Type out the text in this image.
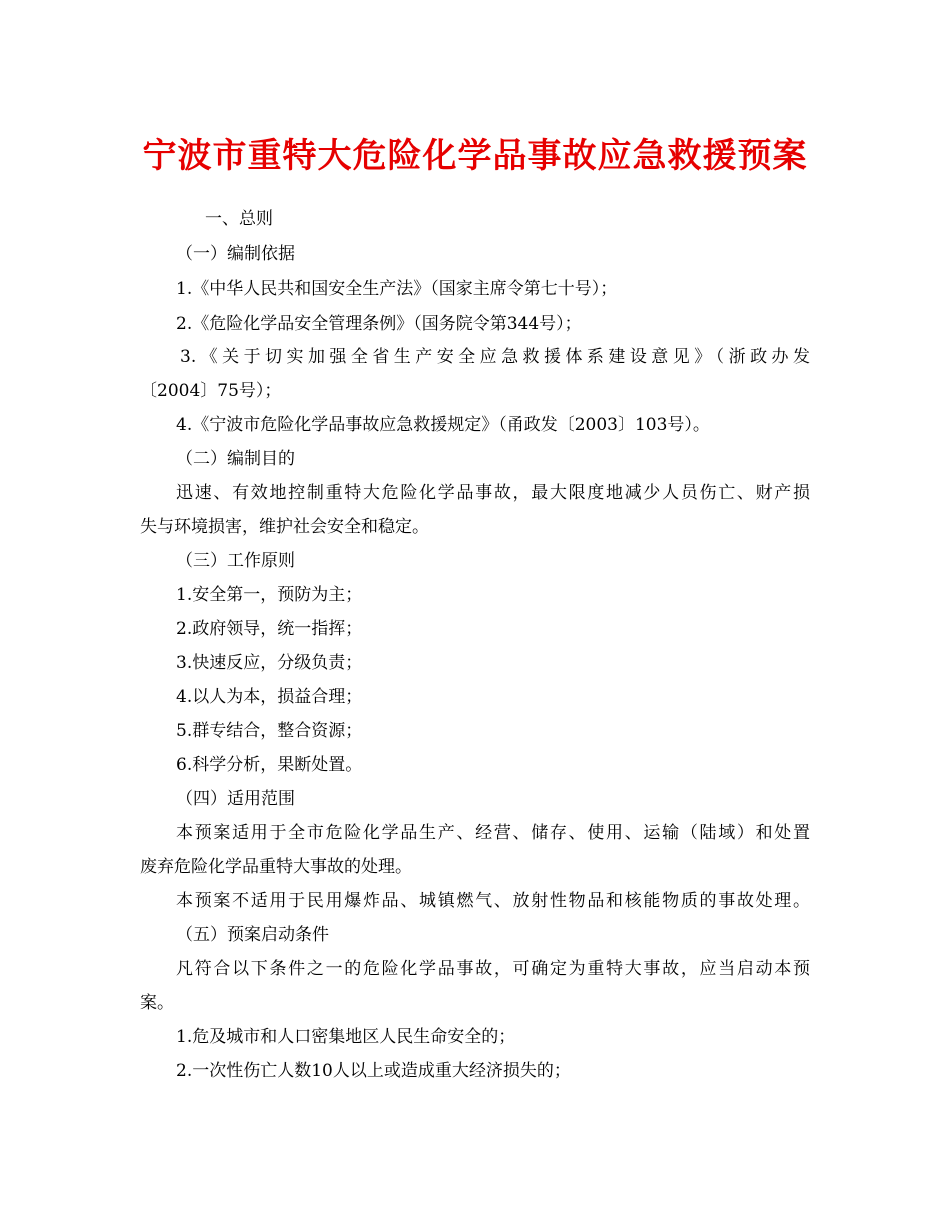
宁波市重特大危险化学品事故应急救援预案
一、总则
（一）编制依据
1.《中华人民共和国安全生产法》（国家主席令第七十号）；
2.《危险化学品安全管理条例》（国务院令第344号）；
3.《关于切实加强全省生产安全应急救援体系建设意见》（浙政办发
〔2004〕75号）；
4.《宁波市危险化学品事故应急救援规定》（甬政发〔2003〕103号）。
（二）编制目的
迅速、有效地控制重特大危险化学品事故，最大限度地减少人员伤亡、财产损
失与环境损害，维护社会安全和稳定。
（三）工作原则
1.安全第一，预防为主；
2.政府领导，统一指挥；
3.快速反应，分级负责；
4.以人为本，损益合理；
5.群专结合，整合资源；
6.科学分析，果断处置。
（四）适用范围
本预案适用于全市危险化学品生产、经营、储存、使用、运输（陆域）和处置
废弃危险化学品重特大事故的处理。
本预案不适用于民用爆炸品、城镇燃气、放射性物品和核能物质的事故处理。
（五）预案启动条件
凡符合以下条件之一的危险化学品事故，可确定为重特大事故，应当启动本预
案。
1.危及城市和人口密集地区人民生命安全的；
2.一次性伤亡人数10人以上或造成重大经济损失的；
